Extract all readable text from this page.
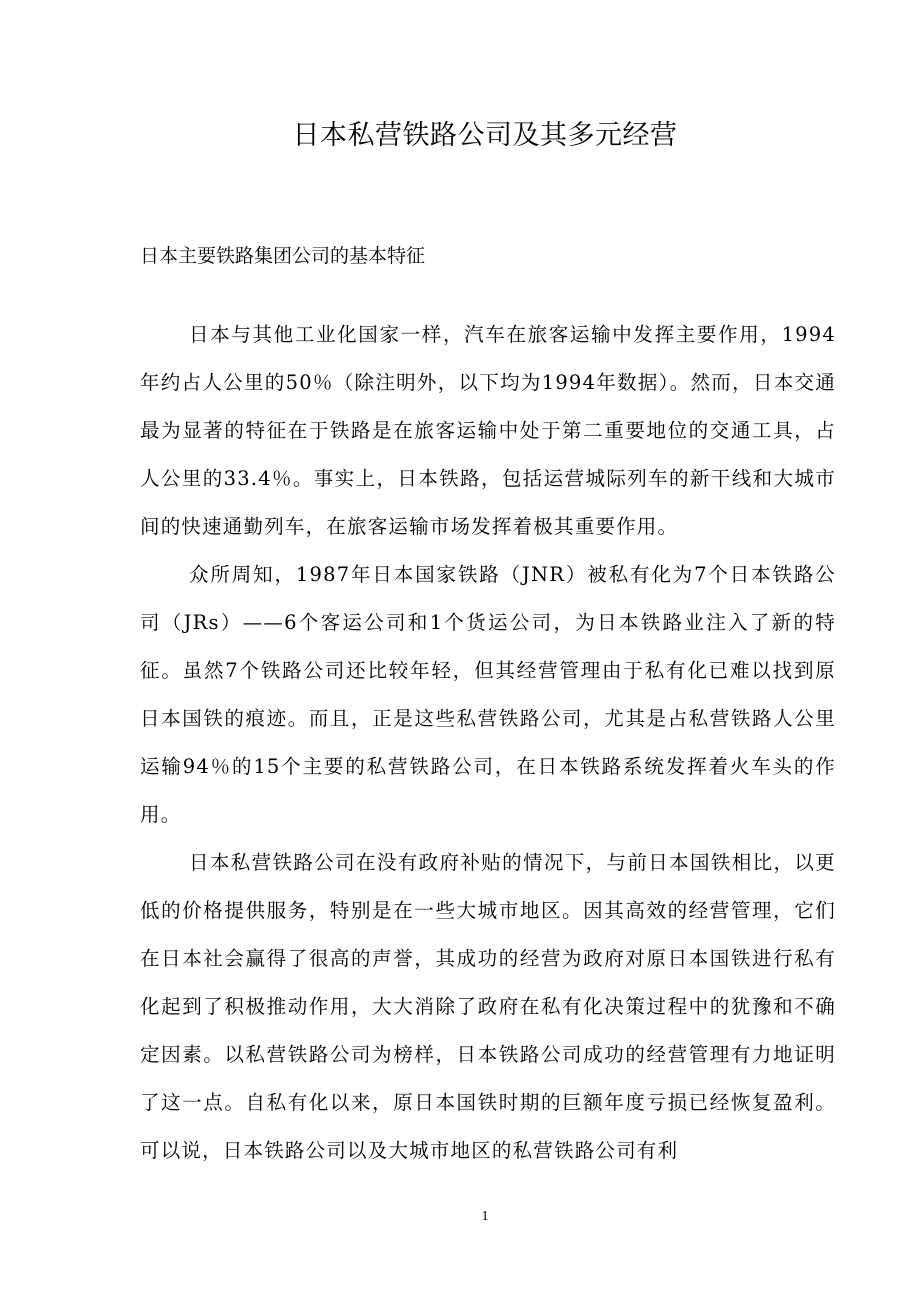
日本私营铁路公司及其多元经营
日本主要铁路集团公司的基本特征

日本与其他工业化国家一样，汽车在旅客运输中发挥主要作用，1994年约占人公里的50％（除注明外，以下均为1994年数据）。然而，日本交通最为显著的特征在于铁路是在旅客运输中处于第二重要地位的交通工具，占人公里的33.4％。事实上，日本铁路，包括运营城际列车的新干线和大城市间的快速通勤列车，在旅客运输市场发挥着极其重要作用。

众所周知，1987年日本国家铁路（JNR）被私有化为7个日本铁路公司（JRs）——6个客运公司和1个货运公司，为日本铁路业注入了新的特征。虽然7个铁路公司还比较年轻，但其经营管理由于私有化已难以找到原日本国铁的痕迹。而且，正是这些私营铁路公司，尤其是占私营铁路人公里运输94％的15个主要的私营铁路公司，在日本铁路系统发挥着火车头的作用。

日本私营铁路公司在没有政府补贴的情况下，与前日本国铁相比，以更低的价格提供服务，特别是在一些大城市地区。因其高效的经营管理，它们在日本社会赢得了很高的声誉，其成功的经营为政府对原日本国铁进行私有化起到了积极推动作用，大大消除了政府在私有化决策过程中的犹豫和不确定因素。以私营铁路公司为榜样，日本铁路公司成功的经营管理有力地证明了这一点。自私有化以来，原日本国铁时期的巨额年度亏损已经恢复盈利。可以说，日本铁路公司以及大城市地区的私营铁路公司有利

1
